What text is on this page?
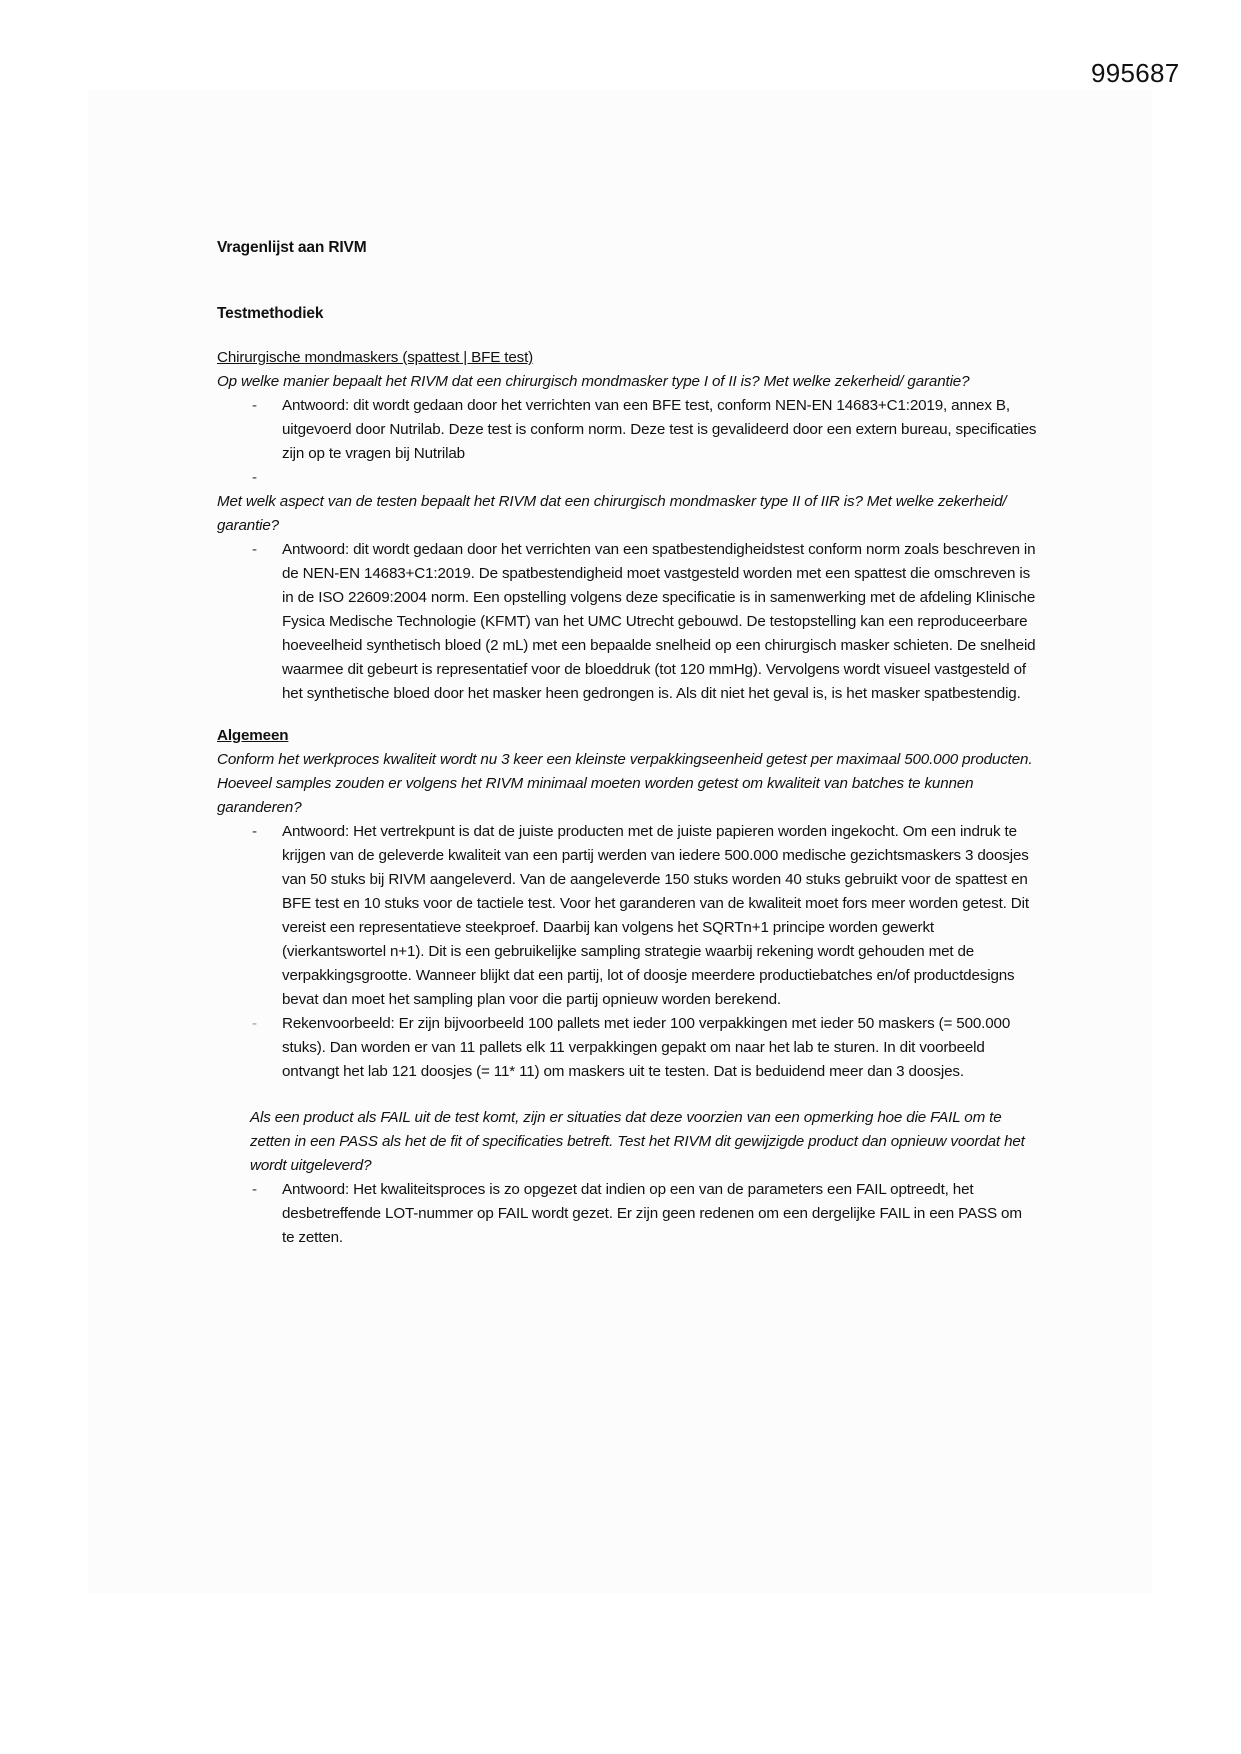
995687

Vragenlijst aan RIVM

Testmethodiek

Chirurgische mondmaskers (spattest | BFE test)

Op welke manier bepaalt het RIVM dat een chirurgisch mondmasker type I of II is? Met welke zekerheid/ garantie?

- Antwoord: dit wordt gedaan door het verrichten van een BFE test, conform NEN-EN 14683+C1:2019, annex B, uitgevoerd door Nutrilab. Deze test is conform norm. Deze test is gevalideerd door een extern bureau, specificaties zijn op te vragen bij Nutrilab
-

Met welk aspect van de testen bepaalt het RIVM dat een chirurgisch mondmasker type II of IIR is? Met welke zekerheid/ garantie?

- Antwoord: dit wordt gedaan door het verrichten van een spatbestendigheidstest conform norm zoals beschreven in de NEN-EN 14683+C1:2019. De spatbestendigheid moet vastgesteld worden met een spattest die omschreven is in de ISO 22609:2004 norm. Een opstelling volgens deze specificatie is in samenwerking met de afdeling Klinische Fysica Medische Technologie (KFMT) van het UMC Utrecht gebouwd. De testopstelling kan een reproduceerbare hoeveelheid synthetisch bloed (2 mL) met een bepaalde snelheid op een chirurgisch masker schieten. De snelheid waarmee dit gebeurt is representatief voor de bloeddruk (tot 120 mmHg). Vervolgens wordt visueel vastgesteld of het synthetische bloed door het masker heen gedrongen is. Als dit niet het geval is, is het masker spatbestendig.

Algemeen

Conform het werkproces kwaliteit wordt nu 3 keer een kleinste verpakkingseenheid getest per maximaal 500.000 producten. Hoeveel samples zouden er volgens het RIVM minimaal moeten worden getest om kwaliteit van batches te kunnen garanderen?

- Antwoord: Het vertrekpunt is dat de juiste producten met de juiste papieren worden ingekocht. Om een indruk te krijgen van de geleverde kwaliteit van een partij werden van iedere 500.000 medische gezichtsmaskers 3 doosjes van 50 stuks bij RIVM aangeleverd. Van de aangeleverde 150 stuks worden 40 stuks gebruikt voor de spattest en BFE test en 10 stuks voor de tactiele test. Voor het garanderen van de kwaliteit moet fors meer worden getest. Dit vereist een representatieve steekproef. Daarbij kan volgens het SQRTn+1 principe worden gewerkt (vierkantswortel n+1). Dit is een gebruikelijke sampling strategie waarbij rekening wordt gehouden met de verpakkingsgrootte. Wanneer blijkt dat een partij, lot of doosje meerdere productiebatches en/of productdesigns bevat dan moet het sampling plan voor die partij opnieuw worden berekend.
- Rekenvoorbeeld: Er zijn bijvoorbeeld 100 pallets met ieder 100 verpakkingen met ieder 50 maskers (= 500.000 stuks). Dan worden er van 11 pallets elk 11 verpakkingen gepakt om naar het lab te sturen. In dit voorbeeld ontvangt het lab 121 doosjes (= 11* 11) om maskers uit te testen. Dat is beduidend meer dan 3 doosjes.

Als een product als FAIL uit de test komt, zijn er situaties dat deze voorzien van een opmerking hoe die FAIL om te zetten in een PASS als het de fit of specificaties betreft. Test het RIVM dit gewijzigde product dan opnieuw voordat het wordt uitgeleverd?

- Antwoord: Het kwaliteitsproces is zo opgezet dat indien op een van de parameters een FAIL optreedt, het desbetreffende LOT-nummer op FAIL wordt gezet. Er zijn geen redenen om een dergelijke FAIL in een PASS om te zetten.
